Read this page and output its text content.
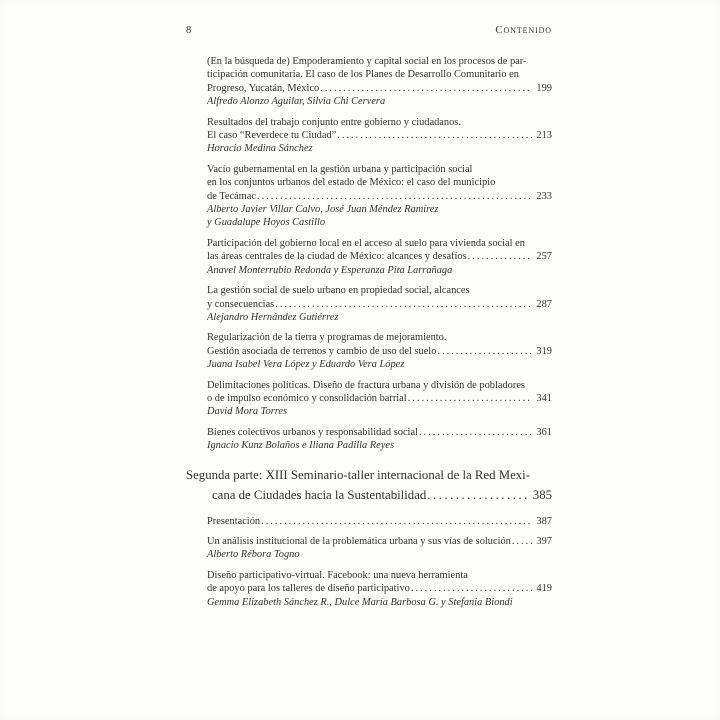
8	Contenido
(En la búsqueda de) Empoderamiento y capital social en los procesos de par-
ticipación comunitaria. El caso de los Planes de Desarrollo Comunitario en
Progreso, Yucatán, México .....	199
Alfredo Alonzo Aguilar, Silvia Chi Cervera
Resultados del trabajo conjunto entre gobierno y ciudadanos.
El caso “Reverdece tu Ciudad” .....	213
Horacio Medina Sánchez
Vacío gubernamental en la gestión urbana y participación social
en los conjuntos urbanos del estado de México: el caso del municipio
de Tecámac .....	233
Alberto Javier Villar Calvo, José Juan Méndez Ramírez
y Guadalupe Hoyos Castillo
Participación del gobierno local en el acceso al suelo para vivienda social en
las áreas centrales de la ciudad de México: alcances y desafíos .....	257
Anavel Monterrubio Redonda y Esperanza Pita Larrañaga
La gestión social de suelo urbano en propiedad social, alcances
y consecuencias .....	287
Alejandro Hernández Gutiérrez
Regularización de la tierra y programas de mejoramiento.
Gestión asociada de terrenos y cambio de uso del suelo .....	319
Juana Isabel Vera López y Eduardo Vera López
Delimitaciones políticas. Diseño de fractura urbana y división de pobladores
o de impulso económico y consolidación barrial .....	341
David Mora Torres
Bienes colectivos urbanos y responsabilidad social .....	361
Ignacio Kunz Bolaños e Iliana Padilla Reyes
Segunda parte: XIII Seminario-taller internacional de la Red Mexi-
cana de Ciudades hacia la Sustentabilidad .....	385
Presentación .....	387
Un análisis institucional de la problemática urbana y sus vías de solución .....	397
Alberto Rébora Togno
Diseño participativo-virtual. Facebook: una nueva herramienta
de apoyo para los talleres de diseño participativo .....	419
Gemma Elizabeth Sánchez R., Dulce María Barbosa G. y Stefania Biondi
